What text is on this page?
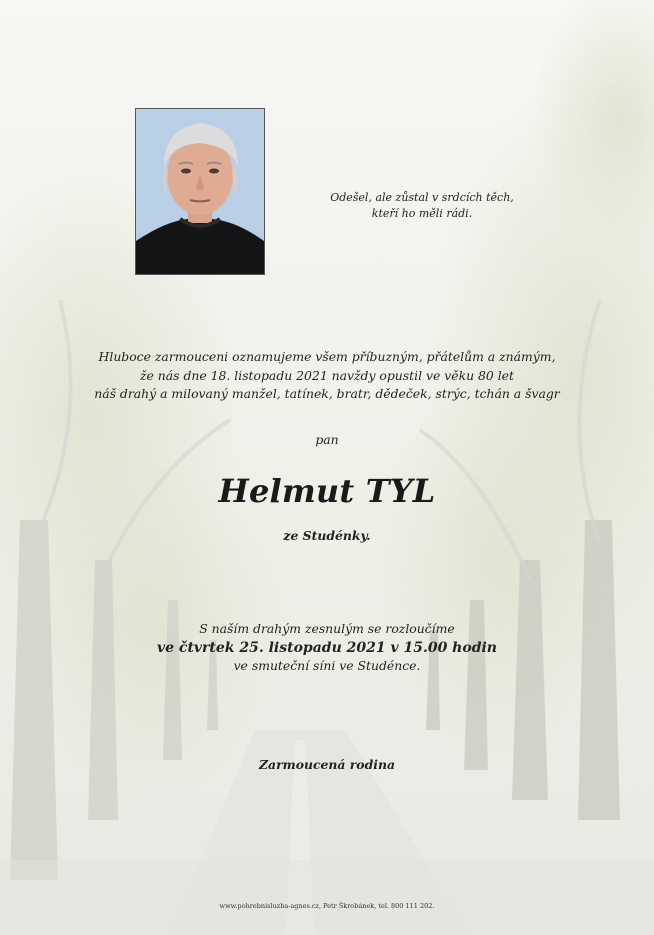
Odešel, ale zůstal v srdcích těch,
kteří ho měli rádi.
Hluboce zarmouceni oznamujeme všem příbuzným, přátelům a známým,
že nás dne 18. listopadu 2021 navždy opustil ve věku 80 let
náš drahý a milovaný manžel, tatínek, bratr, dědeček, strýc, tchán a švagr
pan
Helmut TYL
ze Studénky.
S naším drahým zesnulým se rozloučíme
ve čtvrtek 25. listopadu 2021 v 15.00 hodin
ve smuteční síni ve Studénce.
Zarmoucená rodina
www.pohrebnisluzba-agnes.cz, Petr Škrobánek, tel. 800 111 202.
